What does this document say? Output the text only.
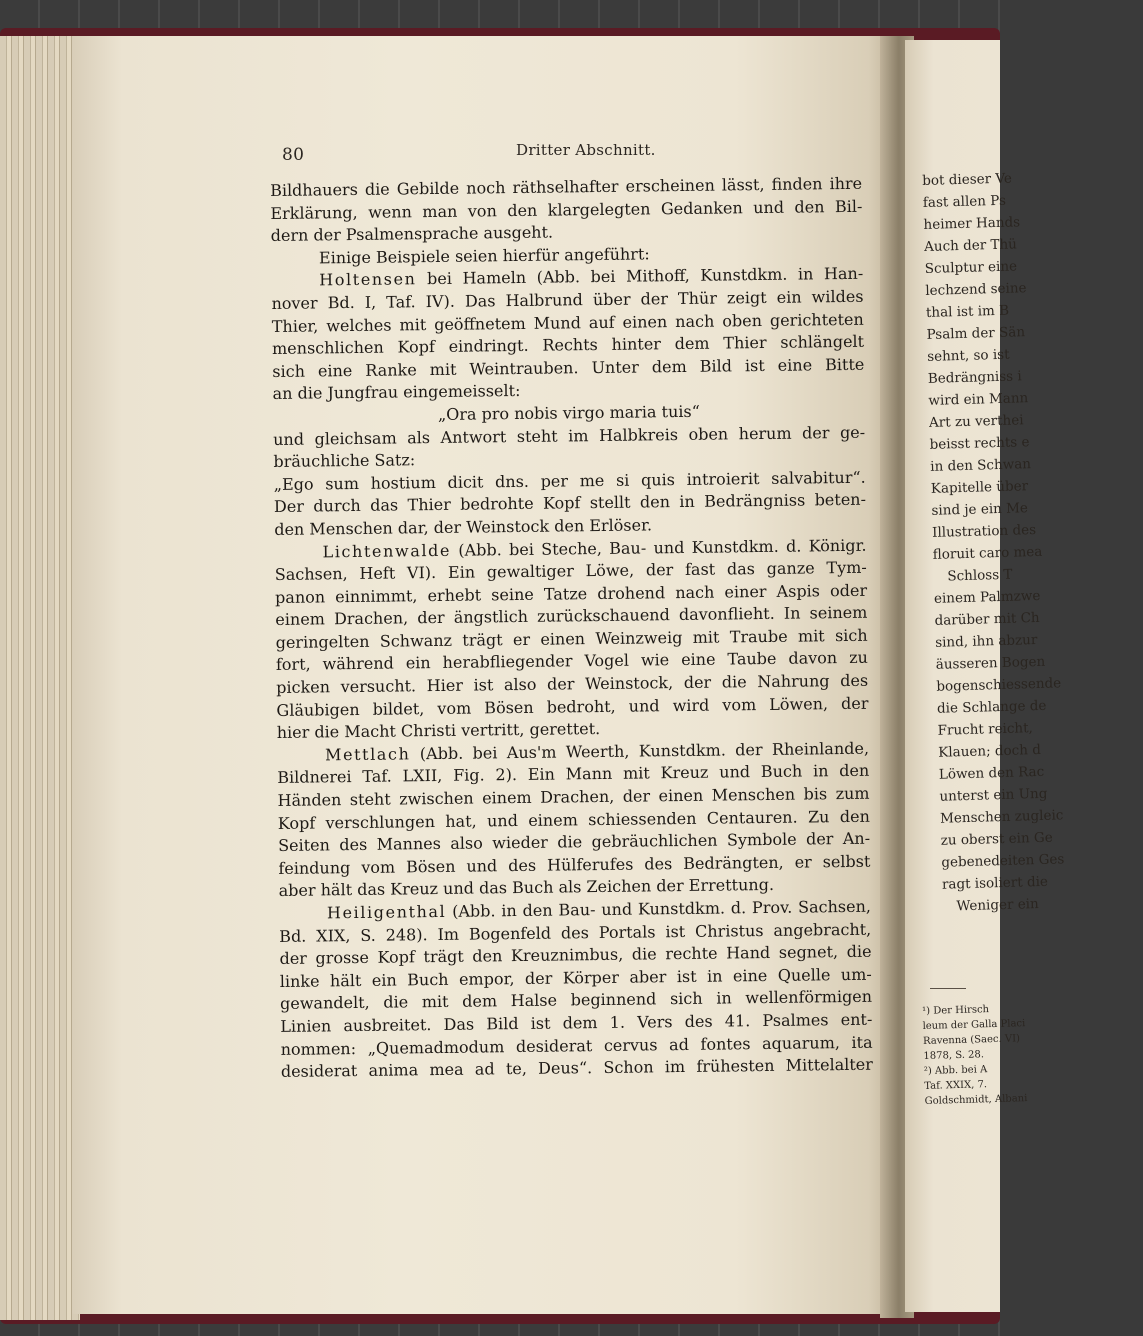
80	Dritter Abschnitt.
Bildhauers die Gebilde noch räthselhafter erscheinen lässt, finden ihre
Erklärung, wenn man von den klargelegten Gedanken und den Bil-
dern der Psalmensprache ausgeht.
Einige Beispiele seien hierfür angeführt:
Holtensen bei Hameln (Abb. bei Mithoff, Kunstdkm. in Han-
nover Bd. I, Taf. IV). Das Halbrund über der Thür zeigt ein wildes
Thier, welches mit geöffnetem Mund auf einen nach oben gerichteten
menschlichen Kopf eindringt. Rechts hinter dem Thier schlängelt
sich eine Ranke mit Weintrauben. Unter dem Bild ist eine Bitte
an die Jungfrau eingemeisselt:
„Ora pro nobis virgo maria tuis“
und gleichsam als Antwort steht im Halbkreis oben herum der ge-
bräuchliche Satz:
„Ego sum hostium dicit dns. per me si quis introierit salvabitur“.
Der durch das Thier bedrohte Kopf stellt den in Bedrängniss beten-
den Menschen dar, der Weinstock den Erlöser.
Lichtenwalde (Abb. bei Steche, Bau- und Kunstdkm. d. Königr.
Sachsen, Heft VI). Ein gewaltiger Löwe, der fast das ganze Tym-
panon einnimmt, erhebt seine Tatze drohend nach einer Aspis oder
einem Drachen, der ängstlich zurückschauend davonflieht. In seinem
geringelten Schwanz trägt er einen Weinzweig mit Traube mit sich
fort, während ein herabfliegender Vogel wie eine Taube davon zu
picken versucht. Hier ist also der Weinstock, der die Nahrung des
Gläubigen bildet, vom Bösen bedroht, und wird vom Löwen, der
hier die Macht Christi vertritt, gerettet.
Mettlach (Abb. bei Aus'm Weerth, Kunstdkm. der Rheinlande,
Bildnerei Taf. LXII, Fig. 2). Ein Mann mit Kreuz und Buch in den
Händen steht zwischen einem Drachen, der einen Menschen bis zum
Kopf verschlungen hat, und einem schiessenden Centauren. Zu den
Seiten des Mannes also wieder die gebräuchlichen Symbole der An-
feindung vom Bösen und des Hülferufes des Bedrängten, er selbst
aber hält das Kreuz und das Buch als Zeichen der Errettung.
Heiligenthal (Abb. in den Bau- und Kunstdkm. d. Prov. Sachsen,
Bd. XIX, S. 248). Im Bogenfeld des Portals ist Christus angebracht,
der grosse Kopf trägt den Kreuznimbus, die rechte Hand segnet, die
linke hält ein Buch empor, der Körper aber ist in eine Quelle um-
gewandelt, die mit dem Halse beginnend sich in wellenförmigen
Linien ausbreitet. Das Bild ist dem 1. Vers des 41. Psalmes ent-
nommen: „Quemadmodum desiderat cervus ad fontes aquarum, ita
desiderat anima mea ad te, Deus“. Schon im frühesten Mittelalter
bot dieser Ve
fast allen Ps
heimer Hands
Auch der Thü
Sculptur eine
lechzend seine
thal ist im B
Psalm der Sän
sehnt, so ist
Bedrängniss i
wird ein Mann
Art zu verthei
beisst rechts e
in den Schwan
Kapitelle über
sind je ein Me
Illustration des
floruit caro mea
Schloss T
einem Palmzwe
darüber mit Ch
sind, ihn abzur
äusseren Bogen
bogenschiessende
die Schlange de
Frucht reicht,
Klauen; doch d
Löwen den Rac
unterst ein Ung
Menschen zugleic
zu oberst ein Ge
gebenedeiten Ges
ragt isoliert die
Weniger ein
¹) Der Hirsch
leum der Galla Placi
Ravenna (Saec. VI)
1878, S. 28.
²) Abb. bei A
Taf. XXIX, 7.
Goldschmidt, Albani
